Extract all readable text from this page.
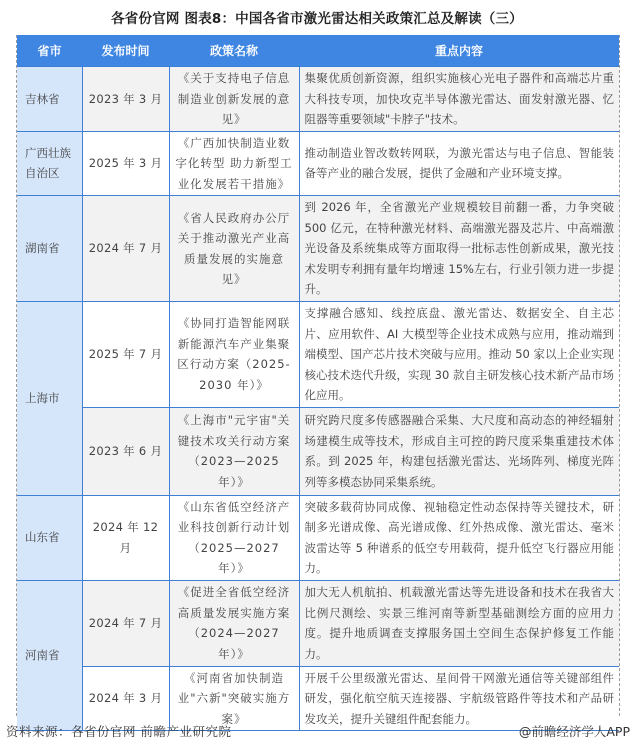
各省份官网 图表8：中国各省市激光雷达相关政策汇总及解读（三）
省市	发布时间	政策名称	重点内容
吉林省	2023 年 3 月	《关于支持电子信息制造业创新发展的意见》	集聚优质创新资源，组织实施核心光电子器件和高端芯片重大科技专项，加快攻克半导体激光雷达、面发射激光器、忆阻器等重要领域"卡脖子"技术。
广西壮族自治区	2025 年 3 月	《广西加快制造业数字化转型 助力新型工业化发展若干措施》	推动制造业智改数转网联，为激光雷达与电子信息、智能装备等产业的融合发展，提供了金融和产业环境支撑。
湖南省	2024 年 7 月	《省人民政府办公厅关于推动激光产业高质量发展的实施意见》	到 2026 年，全省激光产业规模较目前翻一番，力争突破 500 亿元，在特种激光材料、高端激光器及芯片、中高端激光设备及系统集成等方面取得一批标志性创新成果，激光技术发明专利拥有量年均增速 15%左右，行业引领力进一步提升。
上海市	2025 年 7 月	《协同打造智能网联新能源汽车产业集聚区行动方案（2025-2030 年）》	支撑融合感知、线控底盘、激光雷达、数据安全、自主芯片、应用软件、AI 大模型等企业技术成熟与应用，推动端到端模型、国产芯片技术突破与应用。推动 50 家以上企业实现核心技术迭代升级，实现 30 款自主研发核心技术新产品市场化应用。
	2023 年 6 月	《上海市"元宇宙"关键技术攻关行动方案（2023—2025 年）》	研究跨尺度多传感器融合采集、大尺度和高动态的神经辐射场建模生成等技术，形成自主可控的跨尺度采集重建技术体系。到 2025 年，构建包括激光雷达、光场阵列、梯度光阵列等多模态协同采集系统。
山东省	2024 年 12 月	《山东省低空经济产业科技创新行动计划（2025—2027 年）》	突破多载荷协同成像、视轴稳定性动态保持等关键技术，研制多光谱成像、高光谱成像、红外热成像、激光雷达、毫米波雷达等 5 种谱系的低空专用载荷，提升低空飞行器应用能力。
河南省	2024 年 7 月	《促进全省低空经济高质量发展实施方案（2024—2027 年）》	加大无人机航拍、机载激光雷达等先进设备和技术在我省大比例尺测绘、实景三维河南等新型基础测绘方面的应用力度。提升地质调查支撑服务国土空间生态保护修复工作能力。
	2024 年 3 月	《河南省加快制造业"六新"突破实施方案》	开展千公里级激光雷达、星间骨干网激光通信等关键部组件研发，强化航空航天连接器、宇航级管路件等技术和产品研发攻关，提升关键组件配套能力。
资料来源：各省份官网 前瞻产业研究院	@前瞻经济学人APP
